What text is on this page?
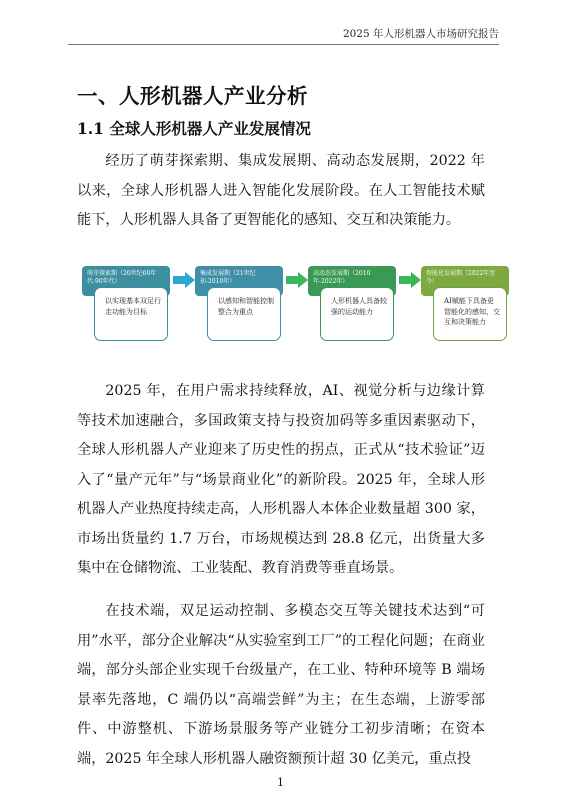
2025 年人形机器人市场研究报告
一、人形机器人产业分析
1.1 全球人形机器人产业发展情况

经历了萌芽探索期、集成发展期、高动态发展期，2022 年以来，全球人形机器人进入智能化发展阶段。在人工智能技术赋能下，人形机器人具备了更智能化的感知、交互和决策能力。

萌芽探索期（20世纪60年代-90年代）
以实现基本双足行走功能为目标
集成发展期（21世纪初-2010年）
以感知和智能控制整合为重点
高动态发展期（2010年-2022年）
人形机器人具备较强的运动能力
智能化发展期（2022年至今）
AI赋能下具备更智能化的感知、交互和决策能力

2025 年，在用户需求持续释放，AI、视觉分析与边缘计算等技术加速融合，多国政策支持与投资加码等多重因素驱动下，全球人形机器人产业迎来了历史性的拐点，正式从“技术验证”迈入了“量产元年”与“场景商业化”的新阶段。2025 年，全球人形机器人产业热度持续走高，人形机器人本体企业数量超 300 家，市场出货量约 1.7 万台，市场规模达到 28.8 亿元，出货量大多集中在仓储物流、工业装配、教育消费等垂直场景。

在技术端，双足运动控制、多模态交互等关键技术达到“可用”水平，部分企业解决“从实验室到工厂”的工程化问题；在商业端，部分头部企业实现千台级量产，在工业、特种环境等 B 端场景率先落地，C 端仍以“高端尝鲜”为主；在生态端，上游零部件、中游整机、下游场景服务等产业链分工初步清晰；在资本端，2025 年全球人形机器人融资额预计超 30 亿美元，重点投

1
